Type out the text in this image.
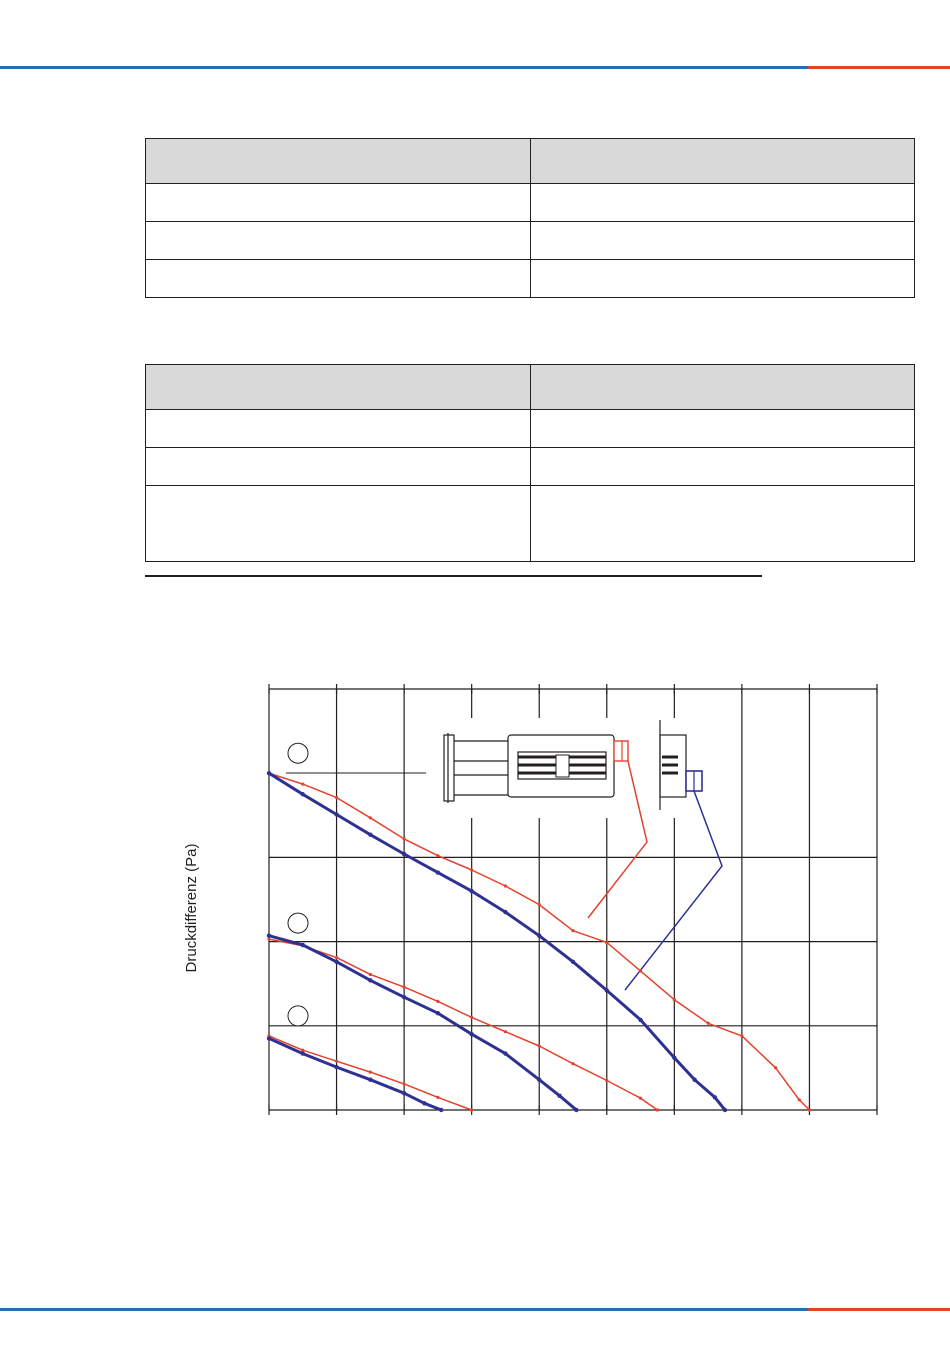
Druckdifferenz (Pa)
